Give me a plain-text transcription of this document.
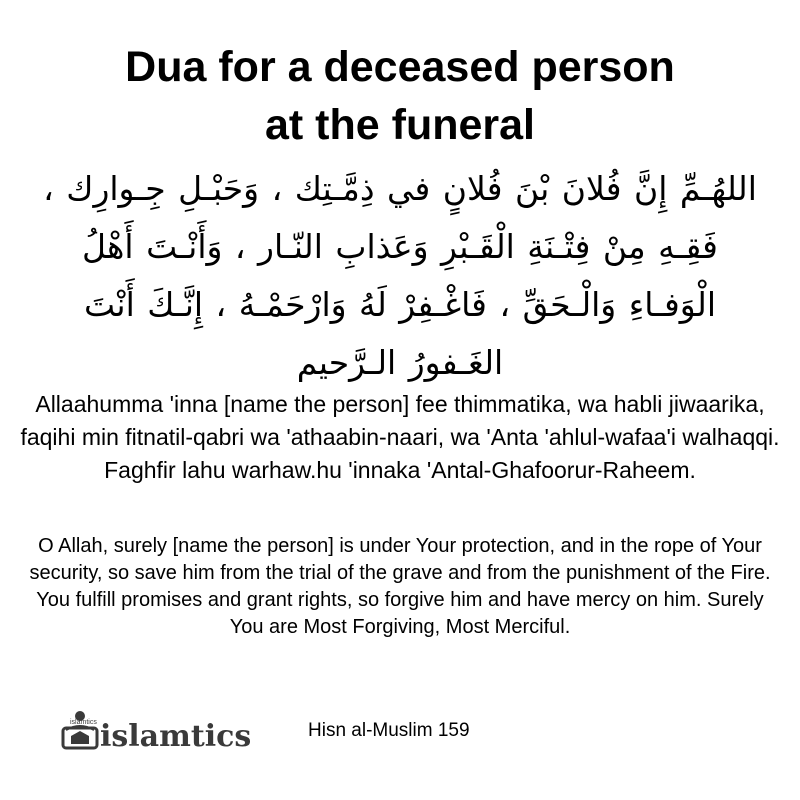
Dua for a deceased person
at the funeral
اللهُـمِّ إِنَّ فُلانَ بْنَ فُلانٍ في ذِمَّـتِك ، وَحَبْـلِ جِـوارِك ، فَقِـهِ مِنْ فِتْـنَةِ الْقَـبْرِ وَعَذابِ النّـار ، وَأَنْـتَ أَهْلُ الْوَفـاءِ وَالْـحَقِّ ، فَاغْـفِرْ لَهُ وَارْحَمْـهُ ، إِنَّـكَ أَنْتَ الغَـفورُ الـرَّحيم
Allaahumma 'inna [name the person] fee thimmatika, wa habli jiwaarika, faqihi min fitnatil-qabri wa 'athaabin-naari, wa 'Anta 'ahlul-wafaa'i walhaqqi. Faghfir lahu warhaw.hu 'innaka 'Antal-Ghafoorur-Raheem.
O Allah, surely [name the person] is under Your protection, and in the rope of Your security, so save him from the trial of the grave and from the punishment of the Fire. You fulfill promises and grant rights, so forgive him and have mercy on him. Surely You are Most Forgiving, Most Merciful.
islamtics islamtics	Hisn al-Muslim 159
